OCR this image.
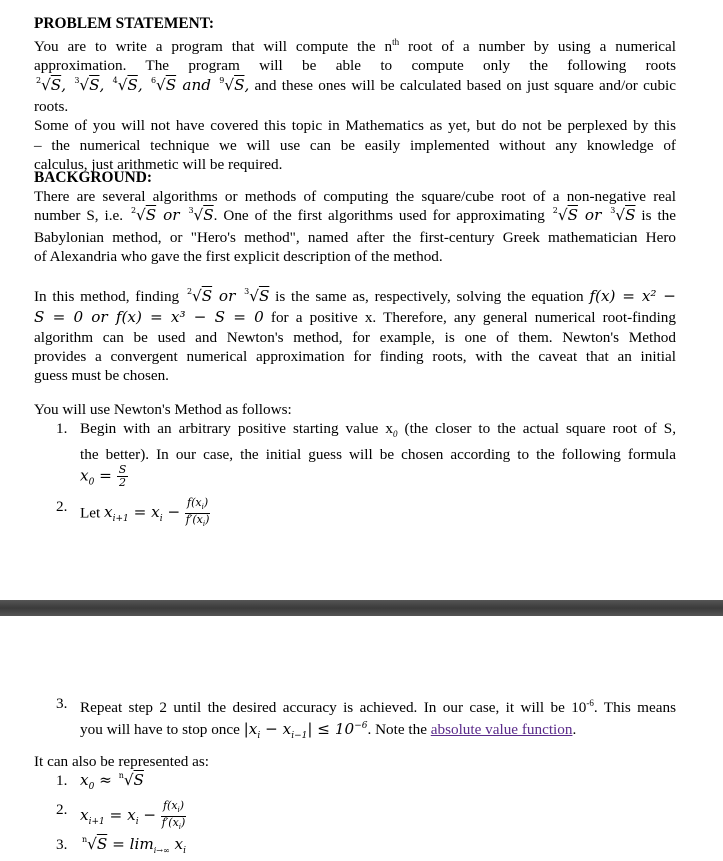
PROBLEM STATEMENT:
You are to write a program that will compute the $n^{th}$ root of a number by using a numerical
approximation. The program will be able to compute only the following roots
$^2$√S, $^3$√S, $^4$√S, $^6$√S and $^9$√S, and these ones will be calculated based on just square and/or cubic roots.
Some of you will not have covered this topic in Mathematics as yet, but do not be perplexed by this
– the numerical technique we will use can be easily implemented without any knowledge of
calculus, just arithmetic will be required.
BACKGROUND:
There are several algorithms or methods of computing the square/cube root of a non-negative real
number S, i.e. $^2$√S or $^3$√S. One of the first algorithms used for approximating $^2$√S or $^3$√S is the
Babylonian method, or "Hero's method", named after the first-century Greek mathematician Hero
of Alexandria who gave the first explicit description of the method.
In this method, finding $^2$√S or $^3$√S is the same as, respectively, solving the equation f(x) = x² −
S = 0 or f(x) = x³ − S = 0 for a positive x. Therefore, any general numerical root-finding
algorithm can be used and Newton's method, for example, is one of them. Newton's Method
provides a convergent numerical approximation for finding roots, with the caveat that an initial
guess must be chosen.
You will use Newton's Method as follows:
1. Begin with an arbitrary positive starting value $x_0$ (the closer to the actual square root of S,
the better). In our case, the initial guess will be chosen according to the following formula
$x_0 = \frac{S}{2}$
2. Let $x_{i+1} = x_i - \frac{f(x_i)}{f'(x_i)}$
3. Repeat step 2 until the desired accuracy is achieved. In our case, it will be $10^{-6}$. This means
you will have to stop once $|x_i - x_{i-1}| \le 10^{-6}$. Note the absolute value function.
It can also be represented as:
1. $x_0 \approx ^n√S$
2. $x_{i+1} = x_i - \frac{f(x_i)}{f'(x_i)}$
3. $^n√S = \lim_{i\to\infty} x_i$
